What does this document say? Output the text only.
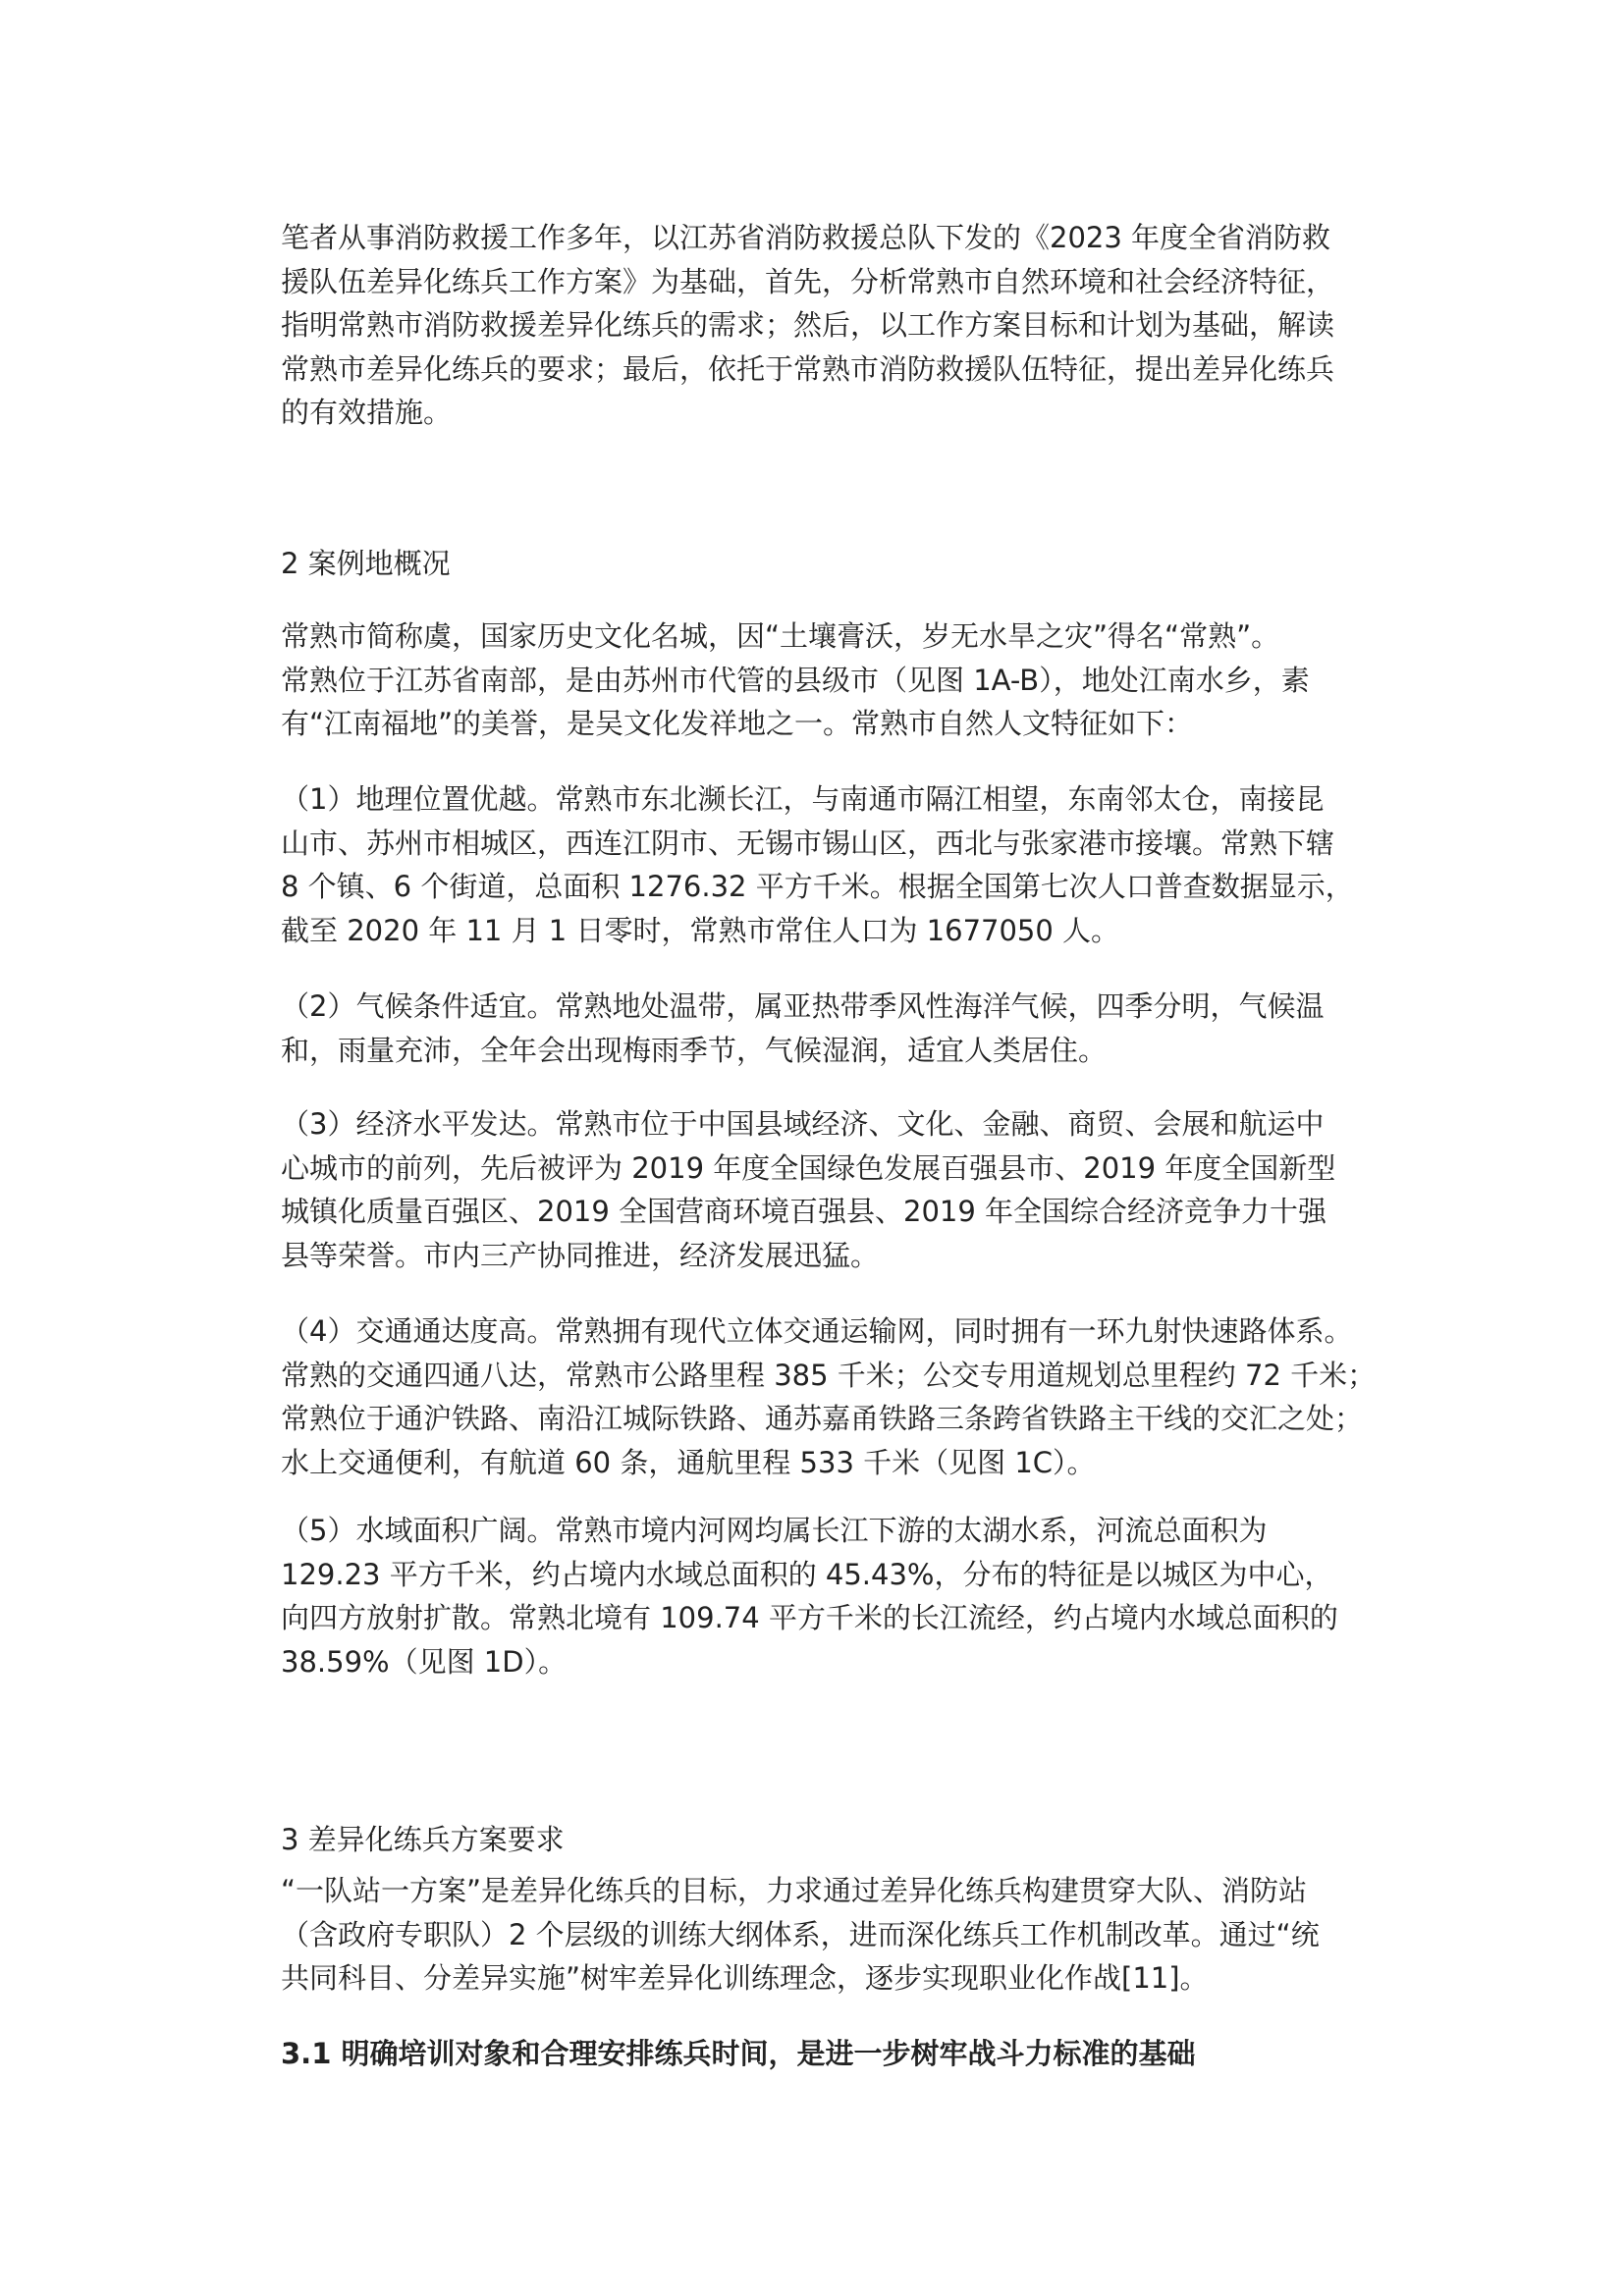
笔者从事消防救援工作多年，以江苏省消防救援总队下发的《2023 年度全省消防救
援队伍差异化练兵工作方案》为基础，首先，分析常熟市自然环境和社会经济特征，
指明常熟市消防救援差异化练兵的需求；然后，以工作方案目标和计划为基础，解读
常熟市差异化练兵的要求；最后，依托于常熟市消防救援队伍特征，提出差异化练兵
的有效措施。
2 案例地概况
常熟市简称虞，国家历史文化名城，因“土壤膏沃，岁无水旱之灾”得名“常熟”。
常熟位于江苏省南部，是由苏州市代管的县级市（见图 1A-B），地处江南水乡，素
有“江南福地”的美誉，是吴文化发祥地之一。常熟市自然人文特征如下：
（1）地理位置优越。常熟市东北濒长江，与南通市隔江相望，东南邻太仓，南接昆
山市、苏州市相城区，西连江阴市、无锡市锡山区，西北与张家港市接壤。常熟下辖
8 个镇、6 个街道，总面积 1276.32 平方千米。根据全国第七次人口普查数据显示，
截至 2020 年 11 月 1 日零时，常熟市常住人口为 1677050 人。
（2）气候条件适宜。常熟地处温带，属亚热带季风性海洋气候，四季分明，气候温
和，雨量充沛，全年会出现梅雨季节，气候湿润，适宜人类居住。
（3）经济水平发达。常熟市位于中国县域经济、文化、金融、商贸、会展和航运中
心城市的前列，先后被评为 2019 年度全国绿色发展百强县市、2019 年度全国新型
城镇化质量百强区、2019 全国营商环境百强县、2019 年全国综合经济竞争力十强
县等荣誉。市内三产协同推进，经济发展迅猛。
（4）交通通达度高。常熟拥有现代立体交通运输网，同时拥有一环九射快速路体系。
常熟的交通四通八达，常熟市公路里程 385 千米；公交专用道规划总里程约 72 千米；
常熟位于通沪铁路、南沿江城际铁路、通苏嘉甬铁路三条跨省铁路主干线的交汇之处；
水上交通便利，有航道 60 条，通航里程 533 千米（见图 1C）。
（5）水域面积广阔。常熟市境内河网均属长江下游的太湖水系，河流总面积为
129.23 平方千米，约占境内水域总面积的 45.43%，分布的特征是以城区为中心，
向四方放射扩散。常熟北境有 109.74 平方千米的长江流经，约占境内水域总面积的
38.59%（见图 1D）。
3 差异化练兵方案要求
“一队站一方案”是差异化练兵的目标，力求通过差异化练兵构建贯穿大队、消防站
（含政府专职队）2 个层级的训练大纲体系，进而深化练兵工作机制改革。通过“统
共同科目、分差异实施”树牢差异化训练理念，逐步实现职业化作战[11]。
3.1 明确培训对象和合理安排练兵时间，是进一步树牢战斗力标准的基础
